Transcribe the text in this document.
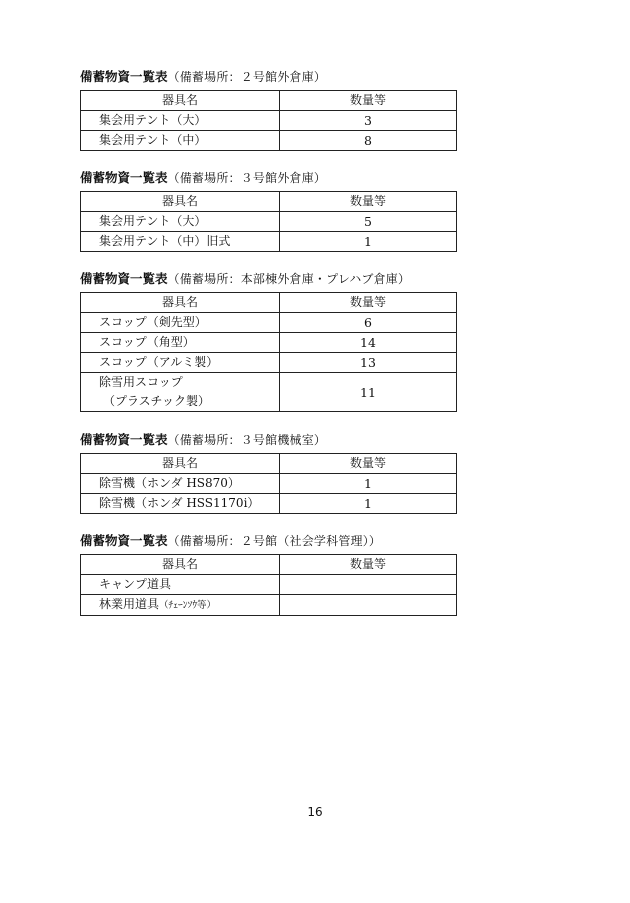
備蓄物資一覧表（備蓄場所：２号館外倉庫）
器具名	数量等
集会用テント（大）	3
集会用テント（中）	8
備蓄物資一覧表（備蓄場所：３号館外倉庫）
器具名	数量等
集会用テント（大）	5
集会用テント（中）旧式	1
備蓄物資一覧表（備蓄場所：本部棟外倉庫・プレハブ倉庫）
器具名	数量等
スコップ（剣先型）	6
スコップ（角型）	14
スコップ（アルミ製）	13

除雪用スコップ
（プラスチック製）	11
備蓄物資一覧表（備蓄場所：３号館機械室）
器具名	数量等
除雪機（ホンダ HS870）	1
除雪機（ホンダ HSS1170i）	1
備蓄物資一覧表（備蓄場所：２号館（社会学科管理））
器具名	数量等
キャンプ道具	
林業用道具（ﾁｪｰﾝｿｳ等）	
16
